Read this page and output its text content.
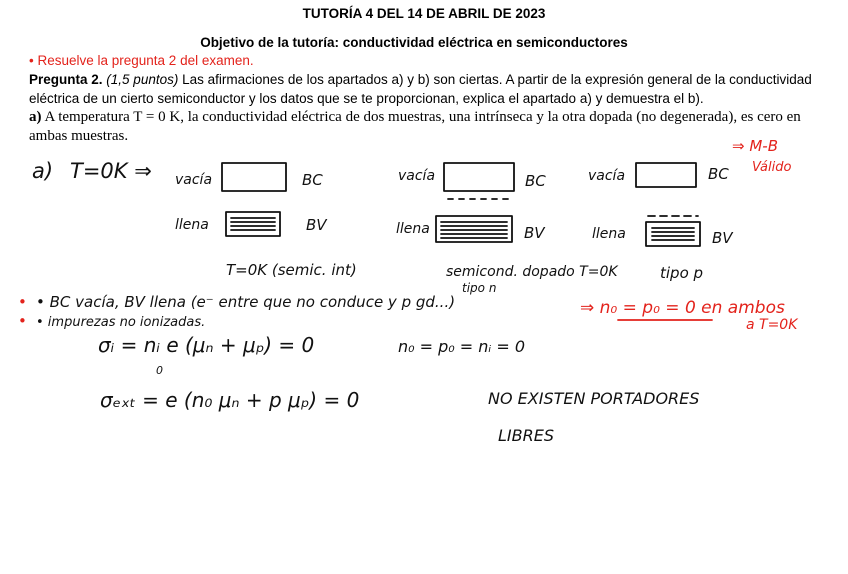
TUTORÍA 4 DEL 14 DE ABRIL DE 2023
Objetivo de la tutoría: conductividad eléctrica en semiconductores
• Resuelve la pregunta 2 del examen.
Pregunta 2. (1,5 puntos) Las afirmaciones de los apartados a) y b) son ciertas. A partir de la expresión general de la conductividad eléctrica de un cierto semiconductor y los datos que se te proporcionan, explica el apartado a) y demuestra el b).
a) A temperatura T = 0 K, la conductividad eléctrica de dos muestras, una intrínseca y la otra dopada (no degenerada), es cero en ambas muestras.
a) T=0K ⇒ vacía	BC	vacía	BC	vacía	BC
⇒ M-B
Válido
llena	BV	llena	BV	llena	BV
T=0K (semic. int)	semicond. dopado T=0K
tipo n
tipo p
• • BC vacía, BV llena (e⁻ entre que no conduce y p gd...)
• • impurezas no ionizadas.
⇒ n₀ = p₀ = 0 en ambos
a T=0K
σᵢ = nᵢ e (μₙ + μₚ) = 0
0
n₀ = p₀ = nᵢ = 0
σₑₓₜ = e (n₀ μₙ + p μₚ) = 0	NO EXISTEN PORTADORES
LIBRES
